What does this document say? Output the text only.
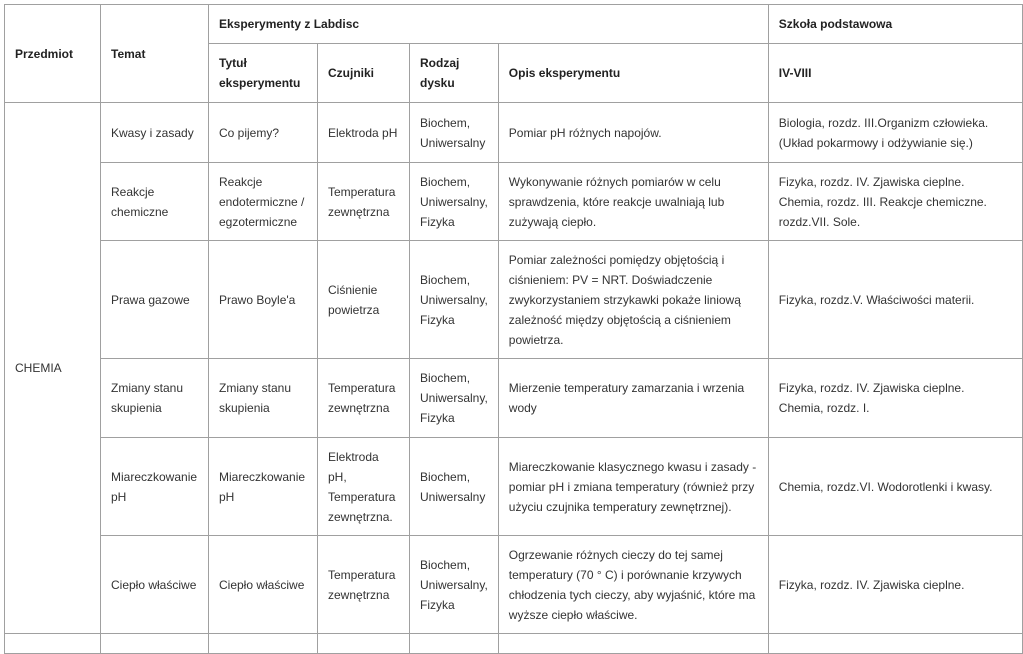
Przedmiot	Temat	Eksperymenty z Labdisc				Szkoła podstawowa
		Tytuł eksperymentu	Czujniki	Rodzaj dysku	Opis eksperymentu	IV-VIII
CHEMIA	Kwasy i zasady	Co pijemy?	Elektroda pH	Biochem, Uniwersalny	Pomiar pH różnych napojów.	Biologia, rozdz. III.Organizm człowieka. (Układ pokarmowy i odżywianie się.)
	Reakcje chemiczne	Reakcje endotermiczne / egzotermiczne	Temperatura zewnętrzna	Biochem, Uniwersalny, Fizyka	Wykonywanie różnych pomiarów w celu sprawdzenia, które reakcje uwalniają lub zużywają ciepło.	Fizyka, rozdz. IV. Zjawiska cieplne. Chemia, rozdz. III. Reakcje chemiczne. rozdz.VII. Sole.
	Prawa gazowe	Prawo Boyle'a	Ciśnienie powietrza	Biochem, Uniwersalny, Fizyka	Pomiar zależności pomiędzy objętością i ciśnieniem: PV = NRT. Doświadczenie zwykorzystaniem strzykawki pokaże liniową zależność między objętością a ciśnieniem powietrza.	Fizyka, rozdz.V. Właściwości materii.
	Zmiany stanu skupienia	Zmiany stanu skupienia	Temperatura zewnętrzna	Biochem, Uniwersalny, Fizyka	Mierzenie temperatury zamarzania i wrzenia wody	Fizyka, rozdz. IV. Zjawiska cieplne. Chemia, rozdz. I.
	Miareczkowanie pH	Miareczkowanie pH	Elektroda pH, Temperatura zewnętrzna.	Biochem, Uniwersalny	Miareczkowanie klasycznego kwasu i zasady - pomiar pH i zmiana temperatury (również przy użyciu czujnika temperatury zewnętrznej).	Chemia, rozdz.VI. Wodorotlenki i kwasy.
	Ciepło właściwe	Ciepło właściwe	Temperatura zewnętrzna	Biochem, Uniwersalny, Fizyka	Ogrzewanie różnych cieczy do tej samej temperatury (70 ° C) i porównanie krzywych chłodzenia tych cieczy, aby wyjaśnić, które ma wyższe ciepło właściwe.	Fizyka, rozdz. IV. Zjawiska cieplne.
